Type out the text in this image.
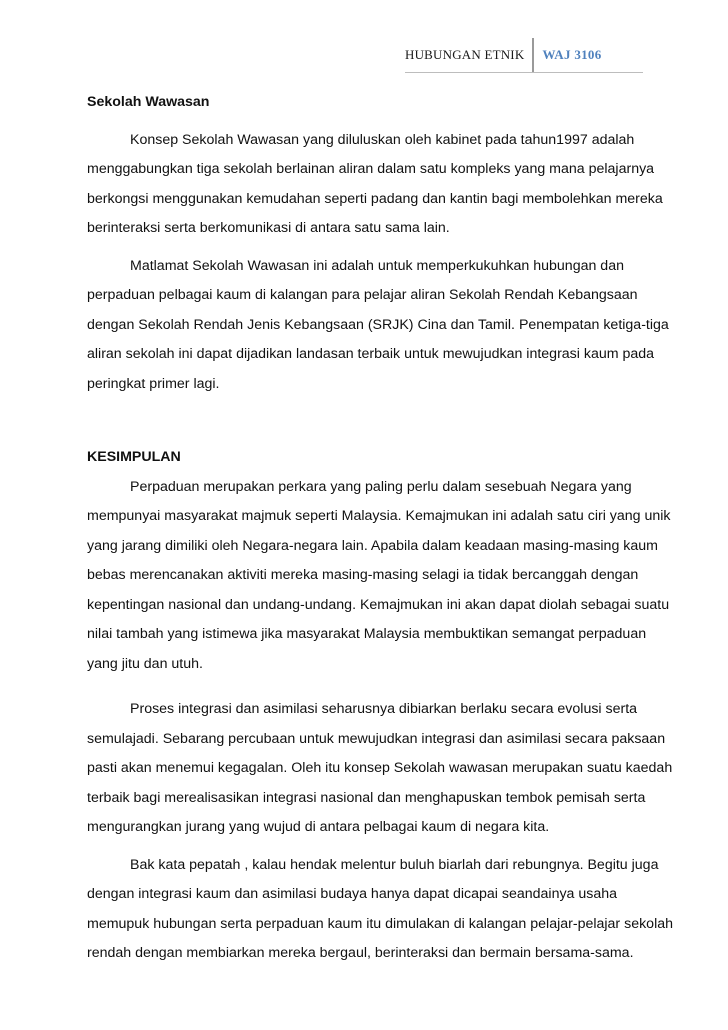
HUBUNGAN ETNIK	WAJ 3106

Sekolah Wawasan

Konsep Sekolah Wawasan yang diluluskan oleh kabinet pada tahun1997 adalah menggabungkan tiga sekolah berlainan aliran dalam satu kompleks yang mana pelajarnya berkongsi menggunakan kemudahan seperti padang dan kantin bagi membolehkan mereka berinteraksi serta berkomunikasi di antara satu sama lain.

Matlamat Sekolah Wawasan ini adalah untuk memperkukuhkan hubungan dan perpaduan pelbagai kaum di kalangan para pelajar aliran Sekolah Rendah Kebangsaan dengan Sekolah Rendah Jenis Kebangsaan (SRJK) Cina dan Tamil. Penempatan ketiga-tiga aliran sekolah ini dapat dijadikan landasan terbaik untuk mewujudkan integrasi kaum pada peringkat primer lagi.

KESIMPULAN

Perpaduan merupakan perkara yang paling perlu dalam sesebuah Negara yang mempunyai masyarakat majmuk seperti Malaysia. Kemajmukan ini adalah satu ciri yang unik yang jarang dimiliki oleh Negara-negara lain. Apabila dalam keadaan masing-masing kaum bebas merencanakan aktiviti mereka masing-masing selagi ia tidak bercanggah dengan kepentingan nasional dan undang-undang. Kemajmukan ini akan dapat diolah sebagai suatu nilai tambah yang istimewa jika masyarakat Malaysia membuktikan semangat perpaduan yang jitu dan utuh.

Proses integrasi dan asimilasi seharusnya dibiarkan berlaku secara evolusi serta semulajadi. Sebarang percubaan untuk mewujudkan integrasi dan asimilasi secara paksaan pasti akan menemui kegagalan. Oleh itu konsep Sekolah wawasan merupakan suatu kaedah terbaik bagi merealisasikan integrasi nasional dan menghapuskan tembok pemisah serta mengurangkan jurang yang wujud di antara pelbagai kaum di negara kita.

Bak kata pepatah , kalau hendak melentur buluh biarlah dari rebungnya. Begitu juga dengan integrasi kaum dan asimilasi budaya hanya dapat dicapai seandainya usaha memupuk hubungan serta perpaduan kaum itu dimulakan di kalangan pelajar-pelajar sekolah rendah dengan membiarkan mereka bergaul, berinteraksi dan bermain bersama-sama.
